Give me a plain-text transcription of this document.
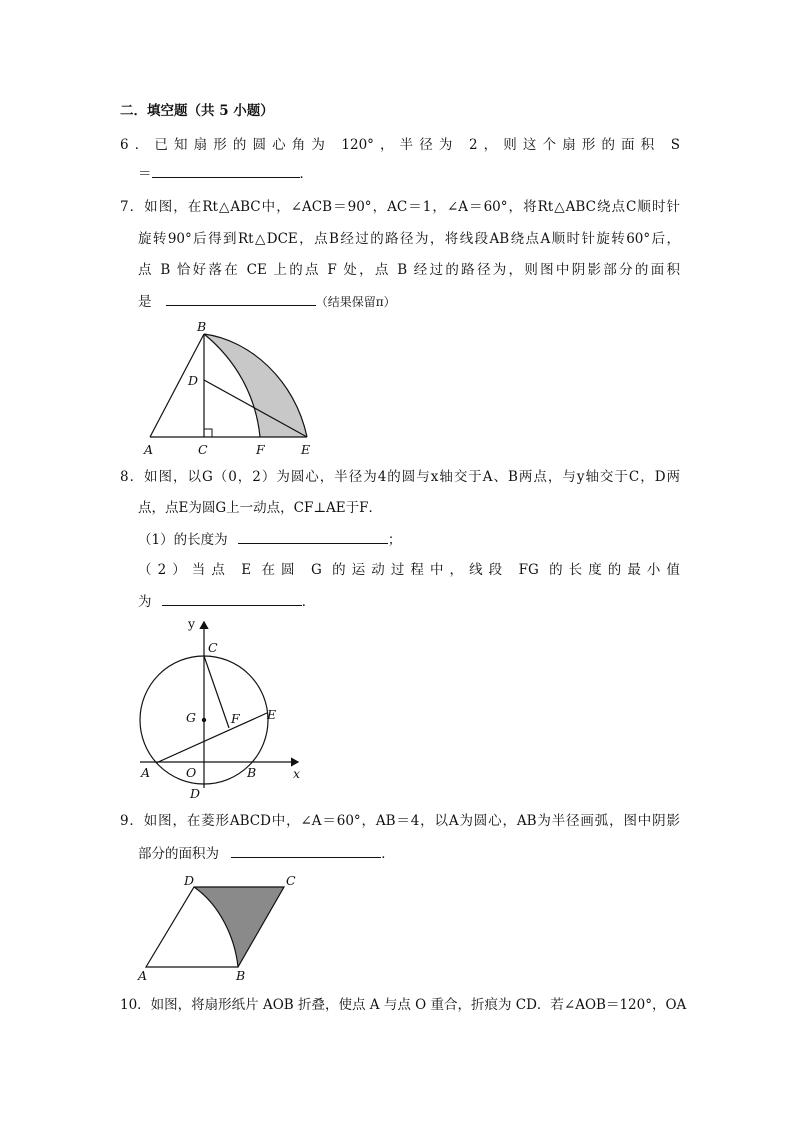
二．填空题（共 5 小题）
6．已知扇形的圆心角为 120°，半径为 2，则这个扇形的面积 S
＝	．
7．如图，在Rt△ABC中，∠ACB＝90°，AC＝1，∠A＝60°，将Rt△ABC绕点C顺时针
旋转90°后得到Rt△DCE，点B经过的路径为，将线段AB绕点A顺时针旋转60°后，
点 B 恰好落在 CE 上的点 F 处，点 B 经过的路径为，则图中阴影部分的面积
是	（结果保留π）
B
D
A	C	F	E
8．如图，以G（0，2）为圆心，半径为4的圆与x轴交于A、B两点，与y轴交于C，D两
点，点E为圆G上一动点，CF⊥AE于F．
（1）的长度为	；
（2）当点 E 在圆 G 的运动过程中，线段 FG 的长度的最小值
为	．
y
C
G	F E
A	O	B	x
D
9．如图，在菱形ABCD中，∠A＝60°，AB＝4，以A为圆心，AB为半径画弧，图中阴影
部分的面积为	．
D	C
A	B
10．如图，将扇形纸片 AOB 折叠，使点 A 与点 O 重合，折痕为 CD．若∠AOB＝120°，OA
